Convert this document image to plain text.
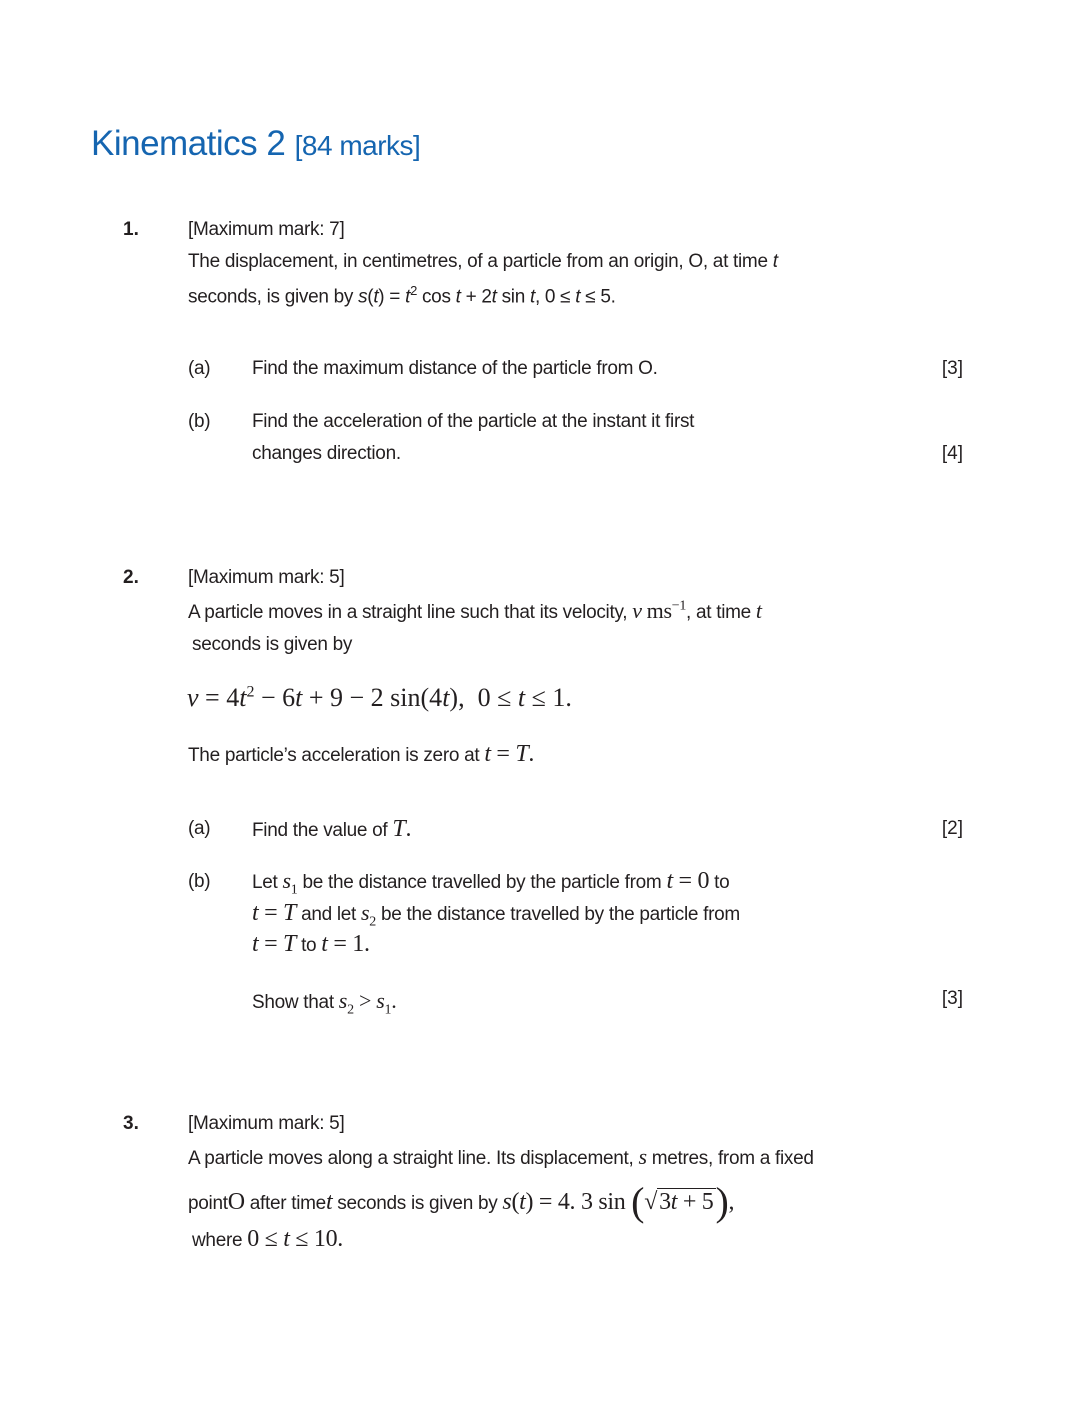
Kinematics 2 [84 marks]
1.	[Maximum mark: 7]
The displacement, in centimetres, of a particle from an origin, O, at time t
seconds, is given by $s(t) = t^2$ cos t + 2t sin t, 0 ≤ t ≤ 5.
(a) Find the maximum distance of the particle from O.	[3]
(b) Find the acceleration of the particle at the instant it first
changes direction.	[4]
2.	[Maximum mark: 5]
A particle moves in a straight line such that its velocity, v $ms^{-1}$, at time t
seconds is given by
$v = 4t^2 - 6t + 9 - 2$ sin(4t),  0 ≤ t ≤ 1.
The particle’s acceleration is zero at t = T.
(a) Find the value of T.	[2]
(b) Let $s_1$ be the distance travelled by the particle from t = 0 to
t = T and let $s_2$ be the distance travelled by the particle from
t = T to t = 1.
Show that $s_2 > s_1$.	[3]
3.	[Maximum mark: 5]
A particle moves along a straight line. Its displacement, s metres, from a fixed
pointO after timet seconds is given by s(t) = 4. 3 sin (√3t + 5),
where 0 ≤ t ≤ 10.
